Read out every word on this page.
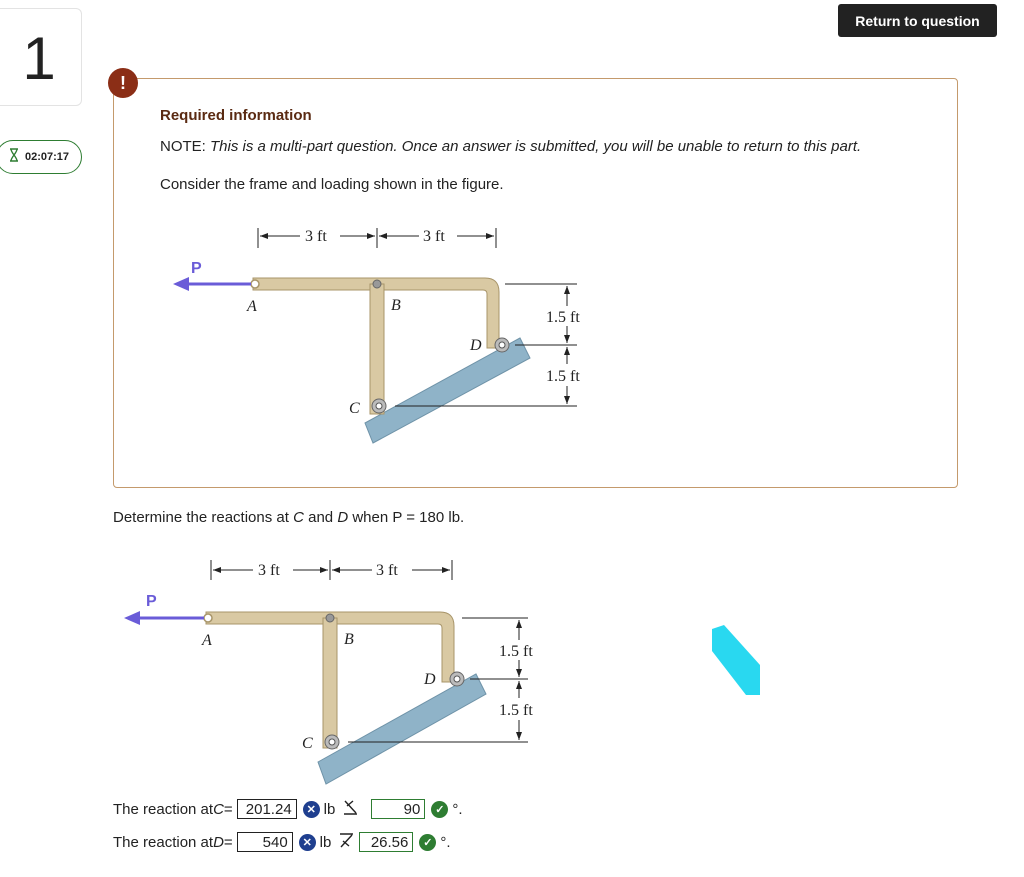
1
02:07:17
Return to question
!
Required information
NOTE: This is a multi-part question. Once an answer is submitted, you will be unable to return to this part.
Consider the frame and loading shown in the figure.
3 ft	3 ft
P
A	B
D
C
1.5 ft
1.5 ft
Determine the reactions at C and D when P = 180 lb.
3 ft	3 ft
P
A	B
D
C
1.5 ft
1.5 ft
The reaction at C = 201.24	✕ lb	90	✓ °.
The reaction at D =	540	✕ lb	26.56	✓ °.
